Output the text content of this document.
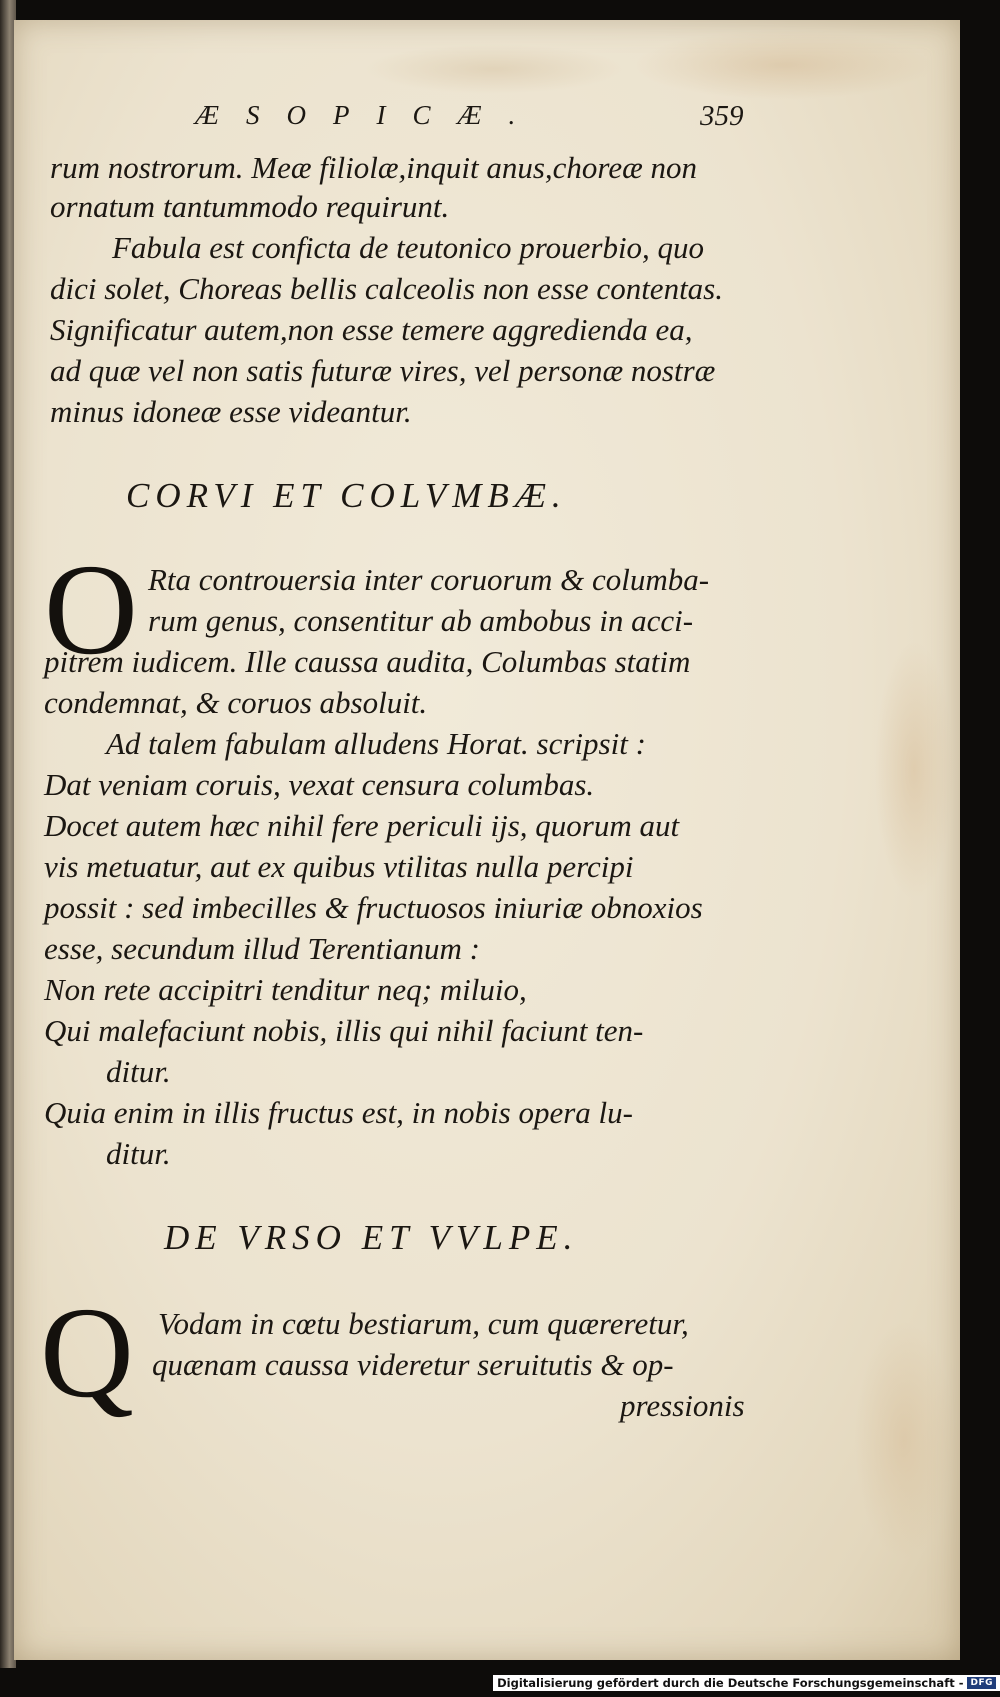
ÆSOPICÆ.	359
rum nostrorum. Meæ filiolæ,inquit anus,choreæ non
ornatum tantummodo requirunt.
Fabula est conficta de teutonico prouerbio, quo
dici solet, Choreas bellis calceolis non esse contentas.
Significatur autem,non esse temere aggredienda ea,
ad quæ vel non satis futuræ vires, vel personæ nostræ
minus idoneæ esse videantur.
CORVI ET COLVMBÆ.
O Rta controuersia inter coruorum & columba-
rum genus, consentitur ab ambobus in acci-
pitrem iudicem. Ille caussa audita, Columbas statim
condemnat, & coruos absoluit.
Ad talem fabulam alludens Horat. scripsit :
Dat veniam coruis, vexat censura columbas.
Docet autem hæc nihil fere periculi ijs, quorum aut
vis metuatur, aut ex quibus vtilitas nulla percipi
possit : sed imbecilles & fructuosos iniuriæ obnoxios
esse, secundum illud Terentianum :
Non rete accipitri tenditur neq; miluio,
Qui malefaciunt nobis, illis qui nihil faciunt ten-
ditur.
Quia enim in illis fructus est, in nobis opera lu-
ditur.
DE VRSO ET VVLPE.
Q Vodam in cœtu bestiarum, cum quæreretur,
quænam caussa videretur seruitutis & op-
pressionis
Digitalisierung gefördert durch die Deutsche Forschungsgemeinschaft - DFG
